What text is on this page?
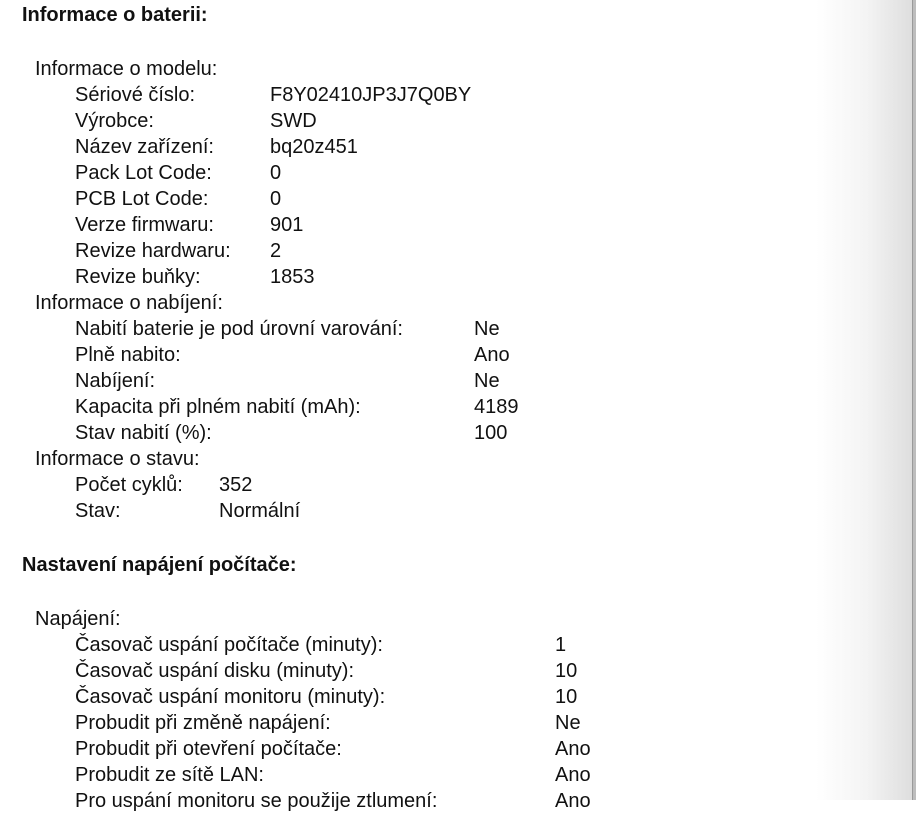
Informace o baterii:
Informace o modelu:
Sériové číslo:	F8Y02410JP3J7Q0BY
Výrobce:	SWD
Název zařízení:	bq20z451
Pack Lot Code:	0
PCB Lot Code:	0
Verze firmwaru:	901
Revize hardwaru: 2
Revize buňky:	1853
Informace o nabíjení:
Nabití baterie je pod úrovní varování:	Ne
Plně nabito:	Ano
Nabíjení:	Ne
Kapacita při plném nabití (mAh):	4189
Stav nabití (%):	100
Informace o stavu:
Počet cyklů: 352
Stav:	Normální
Nastavení napájení počítače:
Napájení:
Časovač uspání počítače (minuty):	1
Časovač uspání disku (minuty):	10
Časovač uspání monitoru (minuty):	10
Probudit při změně napájení:	Ne
Probudit při otevření počítače:	Ano
Probudit ze sítě LAN:	Ano
Pro uspání monitoru se použije ztlumení:	Ano
